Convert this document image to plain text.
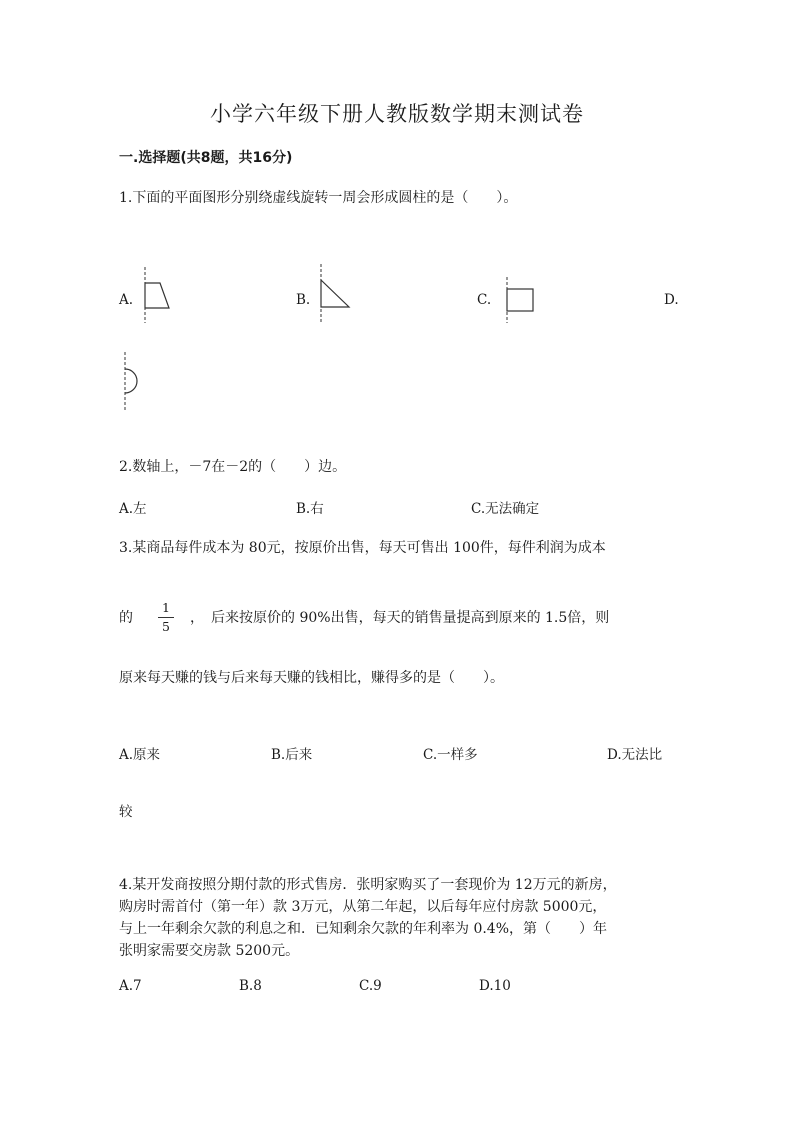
小学六年级下册人教版数学期末测试卷
一.选择题(共8题，共16分)
1.下面的平面图形分别绕虚线旋转一周会形成圆柱的是（　　）。
A.	B.	C.	D.
2.数轴上，－7在－2的（　　）边。
A.左	B.右	C.无法确定
3.某商品每件成本为 80元，按原价出售，每天可售出 100件，每件利润为成本
的
1
5
，　后来按原价的 90%出售，每天的销售量提高到原来的 1.5倍，则
原来每天赚的钱与后来每天赚的钱相比，赚得多的是（　　）。
A.原来	B.后来	C.一样多	D.无法比
较
4.某开发商按照分期付款的形式售房．张明家购买了一套现价为 12万元的新房，
购房时需首付（第一年）款 3万元，从第二年起，以后每年应付房款 5000元，
与上一年剩余欠款的利息之和．已知剩余欠款的年利率为 0.4%，第（　　）年
张明家需要交房款 5200元。
A.7	B.8	C.9	D.10
